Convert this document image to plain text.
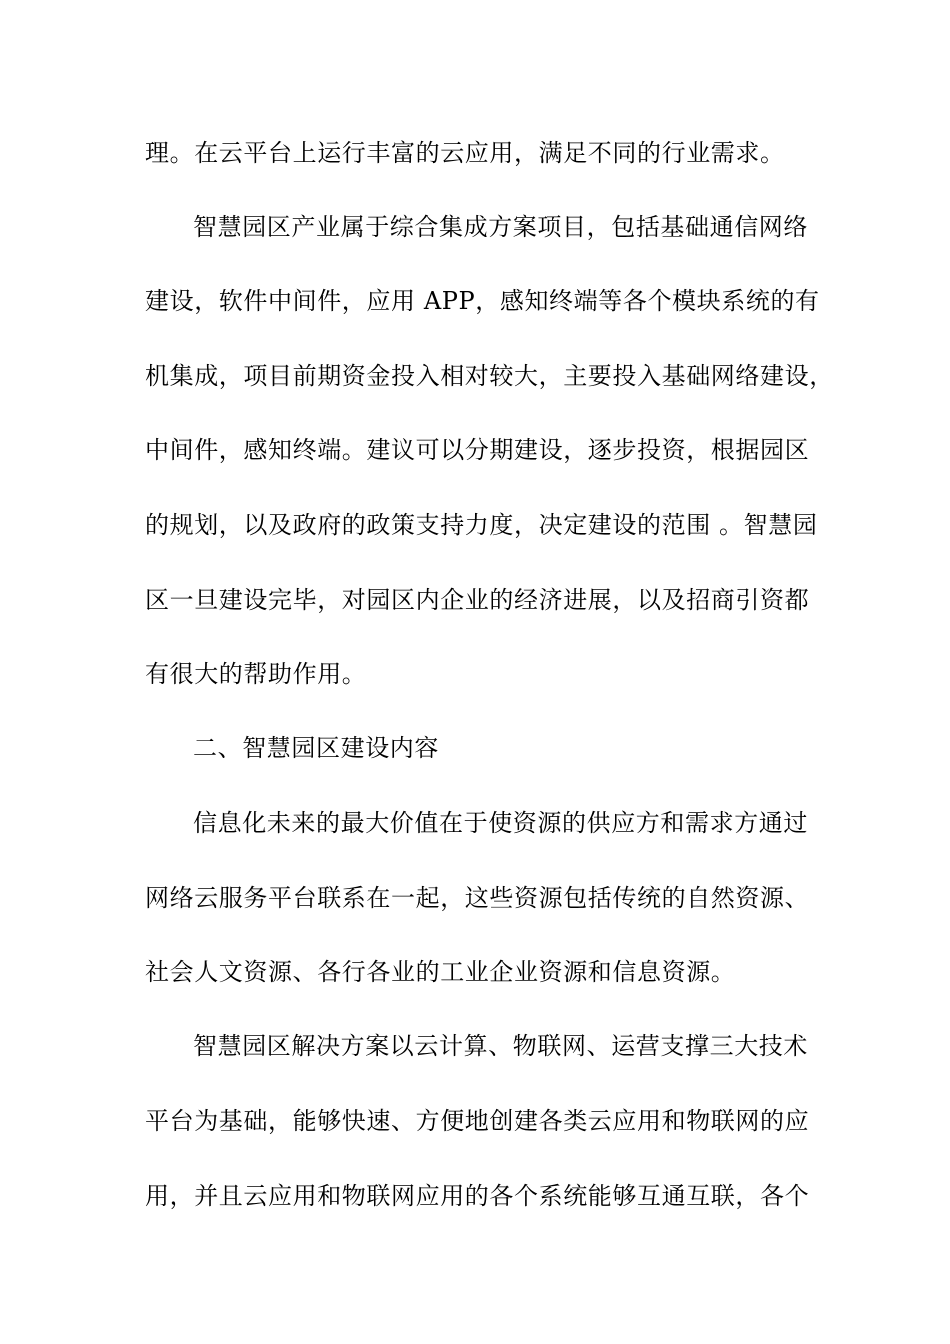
理。在云平台上运行丰富的云应用，满足不同的行业需求。
智慧园区产业属于综合集成方案项目，包括基础通信网络
建设，软件中间件，应用 APP，感知终端等各个模块系统的有
机集成，项目前期资金投入相对较大，主要投入基础网络建设，
中间件，感知终端。建议可以分期建设，逐步投资，根据园区
的规划，以及政府的政策支持力度，决定建设的范围 。智慧园
区一旦建设完毕，对园区内企业的经济进展，以及招商引资都
有很大的帮助作用。
二、智慧园区建设内容
信息化未来的最大价值在于使资源的供应方和需求方通过
网络云服务平台联系在一起，这些资源包括传统的自然资源、
社会人文资源、各行各业的工业企业资源和信息资源。
智慧园区解决方案以云计算、物联网、运营支撑三大技术
平台为基础，能够快速、方便地创建各类云应用和物联网的应
用，并且云应用和物联网应用的各个系统能够互通互联，各个
